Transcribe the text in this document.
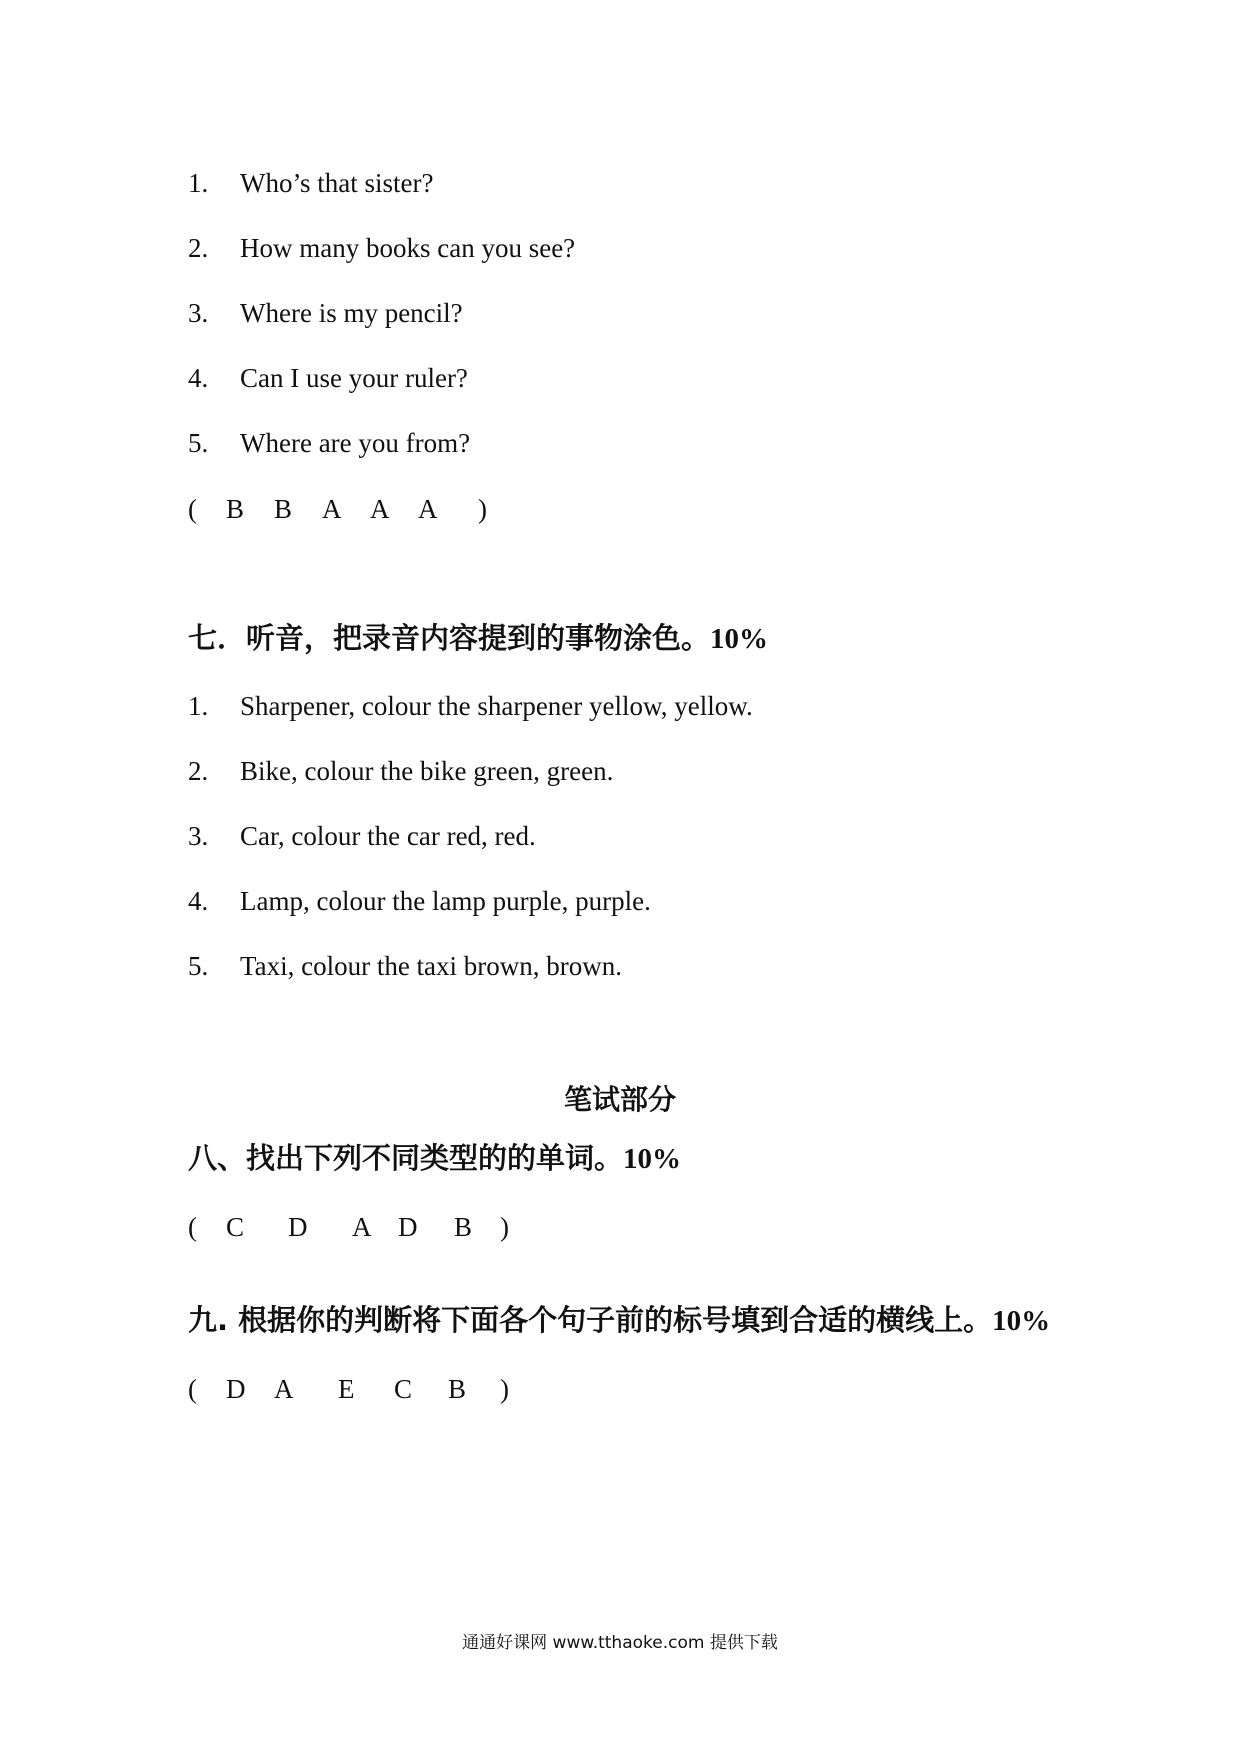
1. Who’s that sister?
2. How many books can you see?
3. Where is my pencil?
4. Can I use your ruler?
5. Where are you from?
( B B A A A )
七．听音，把录音内容提到的事物涂色。10%
1. Sharpener, colour the sharpener yellow, yellow.
2. Bike, colour the bike green, green.
3. Car, colour the car red, red.
4. Lamp, colour the lamp purple, purple.
5. Taxi, colour the taxi brown, brown.
笔试部分
八、找出下列不同类型的的单词。10%
( C D A D B )
九. 根据你的判断将下面各个句子前的标号填到合适的横线上。10%
( D A E C B )
通通好课网 www.tthaoke.com 提供下载
